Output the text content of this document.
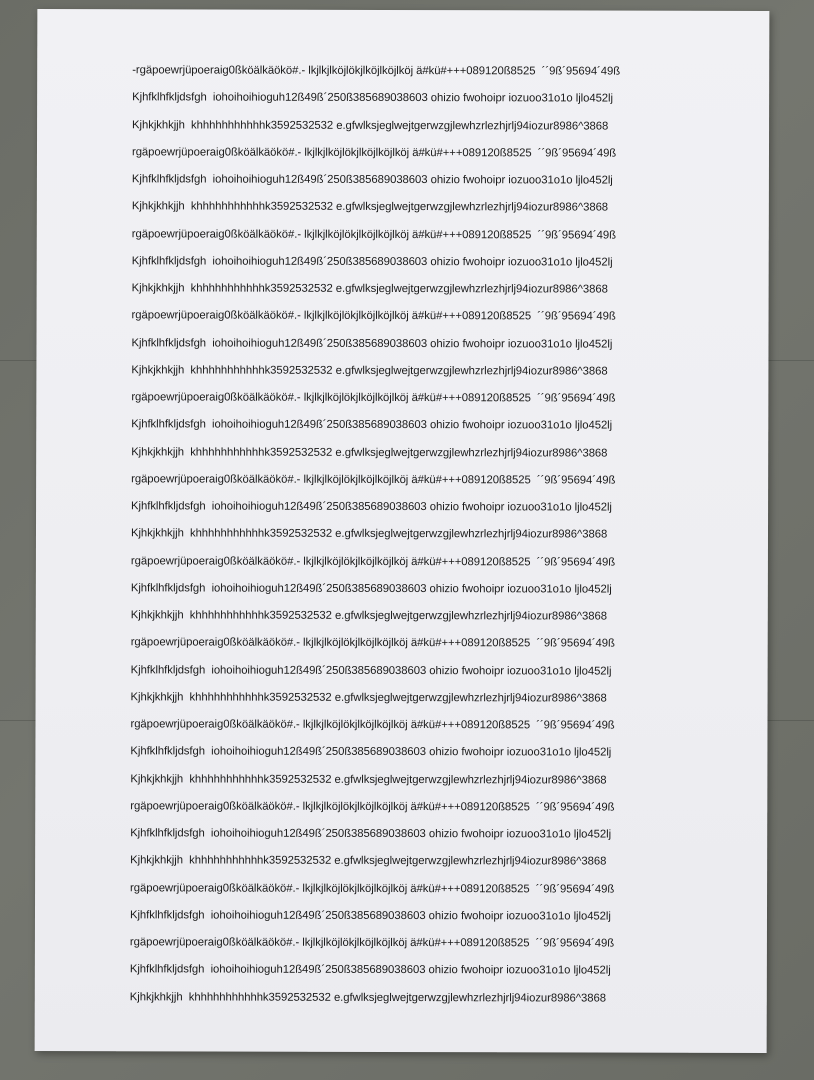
-rgäpoewrjüpoeraig0ßköälkäökö#.- lkjlkjlköjlökjlköjlköjlköj ä#kü#+++089120ß8525  ´´9ß´95694´49ß
Kjhfklhfkljdsfgh  iohoihoihioguh12ß49ß´250ß385689038603 ohizio fwohoipr iozuoo31o1o ljlo452lj
Kjhkjkhkjjh  khhhhhhhhhhhk3592532532 e.gfwlksjeglwejtgerwzgjlewhzrlezhjrlj94iozur8986^3868
rgäpoewrjüpoeraig0ßköälkäökö#.- lkjlkjlköjlökjlköjlköjlköj ä#kü#+++089120ß8525  ´´9ß´95694´49ß
Kjhfklhfkljdsfgh  iohoihoihioguh12ß49ß´250ß385689038603 ohizio fwohoipr iozuoo31o1o ljlo452lj
Kjhkjkhkjjh  khhhhhhhhhhhk3592532532 e.gfwlksjeglwejtgerwzgjlewhzrlezhjrlj94iozur8986^3868
rgäpoewrjüpoeraig0ßköälkäökö#.- lkjlkjlköjlökjlköjlköjlköj ä#kü#+++089120ß8525  ´´9ß´95694´49ß
Kjhfklhfkljdsfgh  iohoihoihioguh12ß49ß´250ß385689038603 ohizio fwohoipr iozuoo31o1o ljlo452lj
Kjhkjkhkjjh  khhhhhhhhhhhk3592532532 e.gfwlksjeglwejtgerwzgjlewhzrlezhjrlj94iozur8986^3868
rgäpoewrjüpoeraig0ßköälkäökö#.- lkjlkjlköjlökjlköjlköjlköj ä#kü#+++089120ß8525  ´´9ß´95694´49ß
Kjhfklhfkljdsfgh  iohoihoihioguh12ß49ß´250ß385689038603 ohizio fwohoipr iozuoo31o1o ljlo452lj
Kjhkjkhkjjh  khhhhhhhhhhhk3592532532 e.gfwlksjeglwejtgerwzgjlewhzrlezhjrlj94iozur8986^3868
rgäpoewrjüpoeraig0ßköälkäökö#.- lkjlkjlköjlökjlköjlköjlköj ä#kü#+++089120ß8525  ´´9ß´95694´49ß
Kjhfklhfkljdsfgh  iohoihoihioguh12ß49ß´250ß385689038603 ohizio fwohoipr iozuoo31o1o ljlo452lj
Kjhkjkhkjjh  khhhhhhhhhhhk3592532532 e.gfwlksjeglwejtgerwzgjlewhzrlezhjrlj94iozur8986^3868
rgäpoewrjüpoeraig0ßköälkäökö#.- lkjlkjlköjlökjlköjlköjlköj ä#kü#+++089120ß8525  ´´9ß´95694´49ß
Kjhfklhfkljdsfgh  iohoihoihioguh12ß49ß´250ß385689038603 ohizio fwohoipr iozuoo31o1o ljlo452lj
Kjhkjkhkjjh  khhhhhhhhhhhk3592532532 e.gfwlksjeglwejtgerwzgjlewhzrlezhjrlj94iozur8986^3868
rgäpoewrjüpoeraig0ßköälkäökö#.- lkjlkjlköjlökjlköjlköjlköj ä#kü#+++089120ß8525  ´´9ß´95694´49ß
Kjhfklhfkljdsfgh  iohoihoihioguh12ß49ß´250ß385689038603 ohizio fwohoipr iozuoo31o1o ljlo452lj
Kjhkjkhkjjh  khhhhhhhhhhhk3592532532 e.gfwlksjeglwejtgerwzgjlewhzrlezhjrlj94iozur8986^3868
rgäpoewrjüpoeraig0ßköälkäökö#.- lkjlkjlköjlökjlköjlköjlköj ä#kü#+++089120ß8525  ´´9ß´95694´49ß
Kjhfklhfkljdsfgh  iohoihoihioguh12ß49ß´250ß385689038603 ohizio fwohoipr iozuoo31o1o ljlo452lj
Kjhkjkhkjjh  khhhhhhhhhhhk3592532532 e.gfwlksjeglwejtgerwzgjlewhzrlezhjrlj94iozur8986^3868
rgäpoewrjüpoeraig0ßköälkäökö#.- lkjlkjlköjlökjlköjlköjlköj ä#kü#+++089120ß8525  ´´9ß´95694´49ß
Kjhfklhfkljdsfgh  iohoihoihioguh12ß49ß´250ß385689038603 ohizio fwohoipr iozuoo31o1o ljlo452lj
Kjhkjkhkjjh  khhhhhhhhhhhk3592532532 e.gfwlksjeglwejtgerwzgjlewhzrlezhjrlj94iozur8986^3868
rgäpoewrjüpoeraig0ßköälkäökö#.- lkjlkjlköjlökjlköjlköjlköj ä#kü#+++089120ß8525  ´´9ß´95694´49ß
Kjhfklhfkljdsfgh  iohoihoihioguh12ß49ß´250ß385689038603 ohizio fwohoipr iozuoo31o1o ljlo452lj
Kjhkjkhkjjh  khhhhhhhhhhhk3592532532 e.gfwlksjeglwejtgerwzgjlewhzrlezhjrlj94iozur8986^3868
rgäpoewrjüpoeraig0ßköälkäökö#.- lkjlkjlköjlökjlköjlköjlköj ä#kü#+++089120ß8525  ´´9ß´95694´49ß
Kjhfklhfkljdsfgh  iohoihoihioguh12ß49ß´250ß385689038603 ohizio fwohoipr iozuoo31o1o ljlo452lj
rgäpoewrjüpoeraig0ßköälkäökö#.- lkjlkjlköjlökjlköjlköjlköj ä#kü#+++089120ß8525  ´´9ß´95694´49ß
Kjhfklhfkljdsfgh  iohoihoihioguh12ß49ß´250ß385689038603 ohizio fwohoipr iozuoo31o1o ljlo452lj
Kjhkjkhkjjh  khhhhhhhhhhhk3592532532 e.gfwlksjeglwejtgerwzgjlewhzrlezhjrlj94iozur8986^3868
